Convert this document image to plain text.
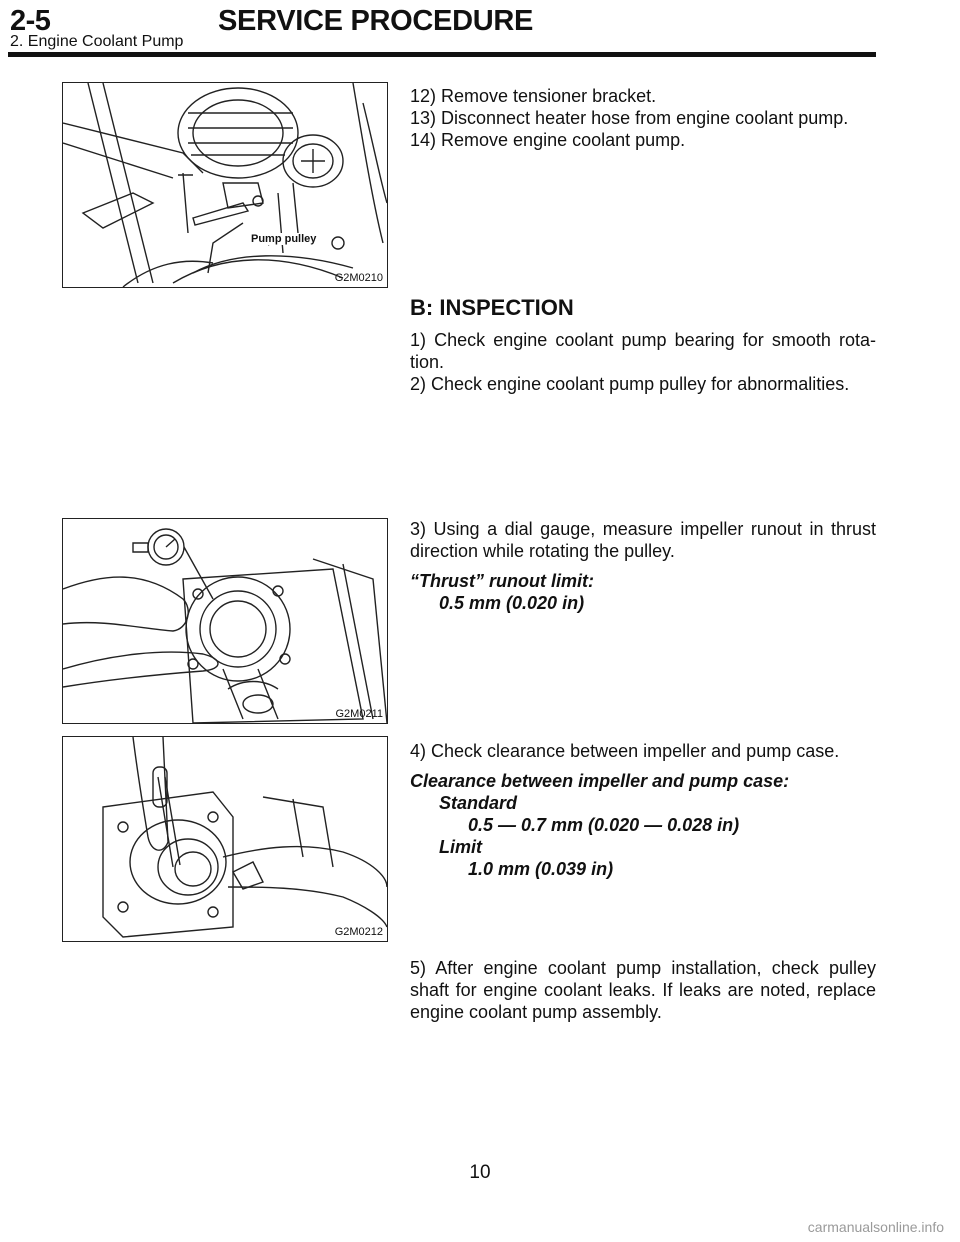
2-5	SERVICE PROCEDURE
2. Engine Coolant Pump
Pump pulley
G2M0210

12) Remove tensioner bracket.

13) Disconnect heater hose from engine coolant pump.

14) Remove engine coolant pump.

B: INSPECTION

1) Check engine coolant pump bearing for smooth rota-tion.

2) Check engine coolant pump pulley for abnormalities.

G2M0211

3) Using a dial gauge, measure impeller runout in thrust direction while rotating the pulley.

“Thrust” runout limit:

0.5 mm (0.020 in)

G2M0212

4) Check clearance between impeller and pump case.

Clearance between impeller and pump case:

Standard

0.5 — 0.7 mm (0.020 — 0.028 in)

Limit

1.0 mm (0.039 in)

5) After engine coolant pump installation, check pulley shaft for engine coolant leaks. If leaks are noted, replace engine coolant pump assembly.

10
carmanualsonline.info
